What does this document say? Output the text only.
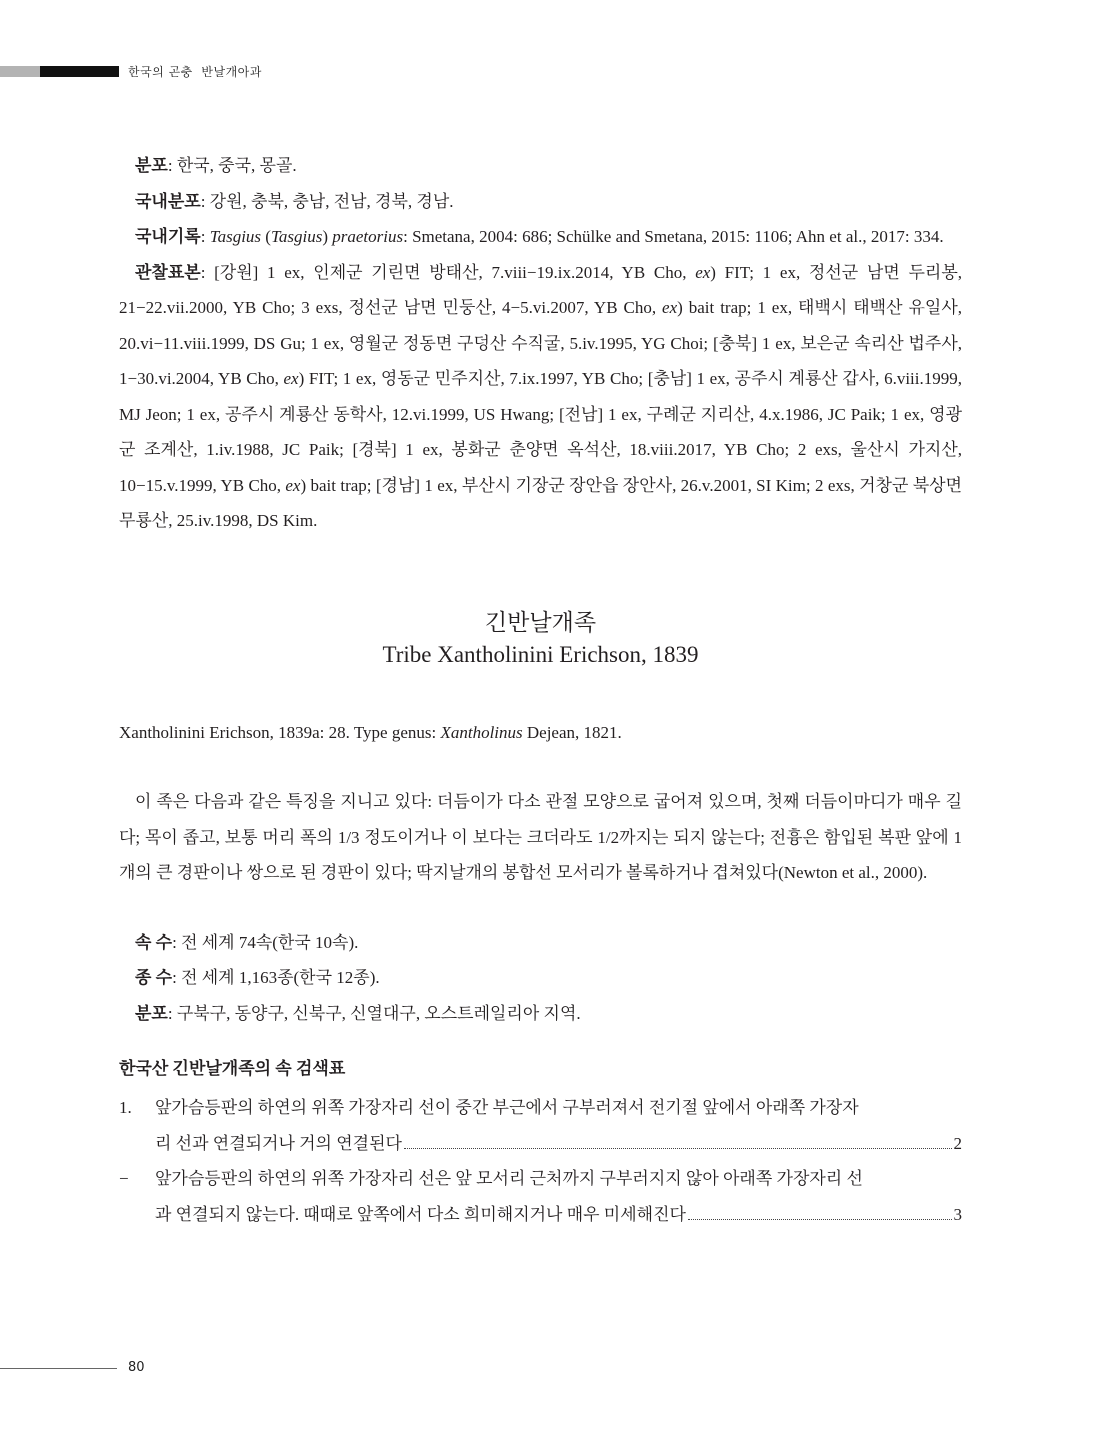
한국의 곤충  반날개아과

분포: 한국, 중국, 몽골.

국내분포: 강원, 충북, 충남, 전남, 경북, 경남.

국내기록: Tasgius (Tasgius) praetorius: Smetana, 2004: 686; Schülke and Smetana, 2015: 1106; Ahn et al., 2017: 334.

관찰표본: [강원] 1 ex, 인제군 기린면 방태산, 7.viii−19.ix.2014, YB Cho, ex) FIT; 1 ex, 정선군 남면 두리봉, 21−22.vii.2000, YB Cho; 3 exs, 정선군 남면 민둥산, 4−5.vi.2007, YB Cho, ex) bait trap; 1 ex, 태백시 태백산 유일사, 20.vi−11.viii.1999, DS Gu; 1 ex, 영월군 정동면 구덩산 수직굴, 5.iv.1995, YG Choi; [충북] 1 ex, 보은군 속리산 법주사, 1−30.vi.2004, YB Cho, ex) FIT; 1 ex, 영동군 민주지산, 7.ix.1997, YB Cho; [충남] 1 ex, 공주시 계룡산 갑사, 6.viii.1999, MJ Jeon; 1 ex, 공주시 계룡산 동학사, 12.vi.1999, US Hwang; [전남] 1 ex, 구례군 지리산, 4.x.1986, JC Paik; 1 ex, 영광군 조계산, 1.iv.1988, JC Paik; [경북] 1 ex, 봉화군 춘양면 옥석산, 18.viii.2017, YB Cho; 2 exs, 울산시 가지산, 10−15.v.1999, YB Cho, ex) bait trap; [경남] 1 ex, 부산시 기장군 장안읍 장안사, 26.v.2001, SI Kim; 2 exs, 거창군 북상면 무룡산, 25.iv.1998, DS Kim.

긴반날개족

Tribe Xantholinini Erichson, 1839

Xantholinini Erichson, 1839a: 28. Type genus: Xantholinus Dejean, 1821.

이 족은 다음과 같은 특징을 지니고 있다: 더듬이가 다소 관절 모양으로 굽어져 있으며, 첫째 더듬이마디가 매우 길다; 목이 좁고, 보통 머리 폭의 1/3 정도이거나 이 보다는 크더라도 1/2까지는 되지 않는다; 전흉은 함입된 복판 앞에 1개의 큰 경판이나 쌍으로 된 경판이 있다; 딱지날개의 봉합선 모서리가 볼록하거나 겹쳐있다(Newton et al., 2000).

속 수: 전 세계 74속(한국 10속).

종 수: 전 세계 1,163종(한국 12종).

분포: 구북구, 동양구, 신북구, 신열대구, 오스트레일리아 지역.

한국산 긴반날개족의 속 검색표

1.	앞가슴등판의 하연의 위쪽 가장자리 선이 중간 부근에서 구부러져서 전기절 앞에서 아래쪽 가장자
리 선과 연결되거나 거의 연결된다	2
−	앞가슴등판의 하연의 위쪽 가장자리 선은 앞 모서리 근처까지 구부러지지 않아 아래쪽 가장자리 선
과 연결되지 않는다. 때때로 앞쪽에서 다소 희미해지거나 매우 미세해진다	3
80
